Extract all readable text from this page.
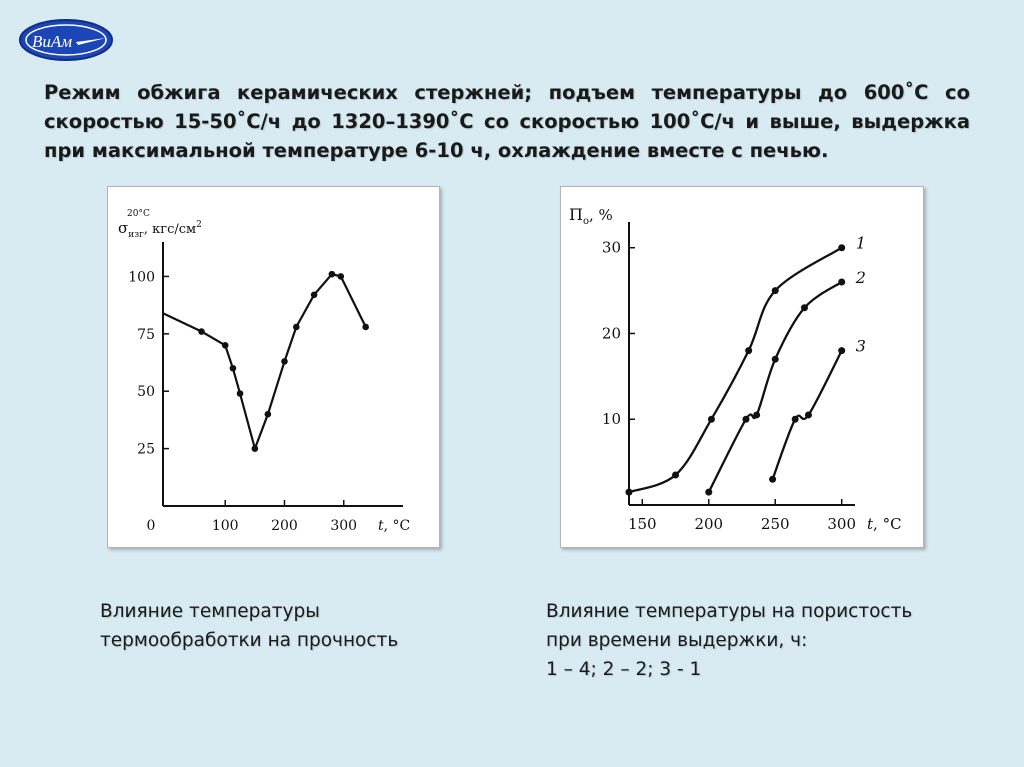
ВиАм
Режим обжига керамических стержней; подъем температуры до 600˚С со скоростью 15-50˚С/ч до 1320–1390˚С со скоростью 100˚С/ч и выше, выдержка при максимальной температуре 6-10 ч, охлаждение вместе с печью.
25
50
75
100
100 200 300
0	t, °C
$\sigma_{изг}$, кгс/$см^2$
20°C
10
20
30
150	200	250	300 t, °C
$П_о$, %
1
2
3
Влияние температуры
термообработки на прочность
Влияние температуры на пористость
при времени выдержки, ч:
1 – 4; 2 – 2; 3 - 1
